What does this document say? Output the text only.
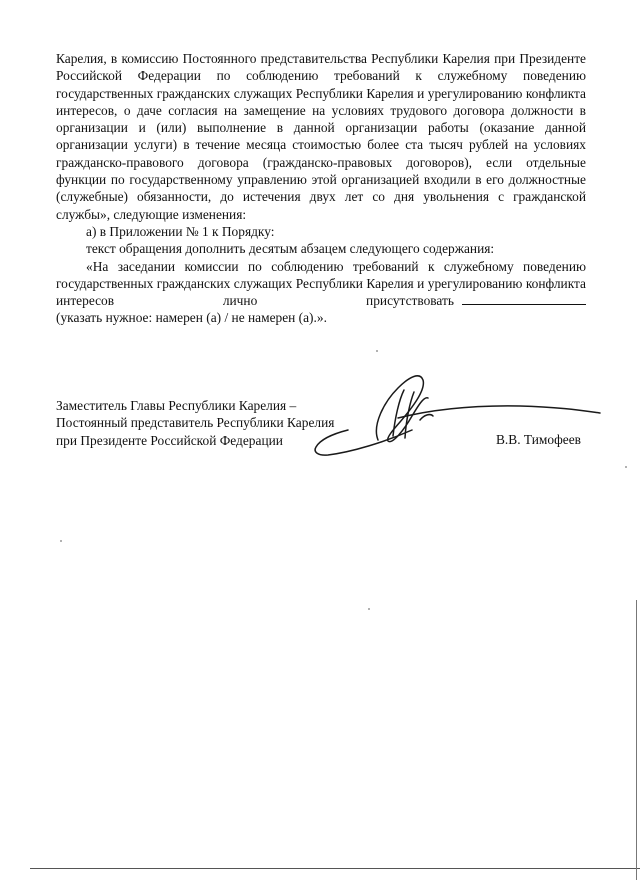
Карелия, в комиссию Постоянного представительства Республики Карелия при Президенте Российской Федерации по соблюдению требований к служебному поведению государственных гражданских служащих Республики Карелия и урегулированию конфликта интересов, о даче согласия на замещение на условиях трудового договора должности в организации и (или) выполнение в данной организации работы (оказание данной организации услуги) в течение месяца стоимостью более ста тысяч рублей на условиях гражданско-правового договора (гражданско-правовых договоров), если отдельные функции по государственному управлению этой организацией входили в его должностные (служебные) обязанности, до истечения двух лет со дня увольнения с гражданской службы», следующие изменения:

а) в Приложении № 1 к Порядку:

текст обращения дополнить десятым абзацем следующего содержания:

«На заседании комиссии по соблюдению требований к служебному поведению государственных гражданских служащих Республики Карелия и урегулированию конфликта интересов лично присутствовать

(указать нужное: намерен (а) / не намерен (а).».

Заместитель Главы Республики Карелия –

Постоянный представитель Республики Карелия

при Президенте Российской Федерации	В.В. Тимофеев
